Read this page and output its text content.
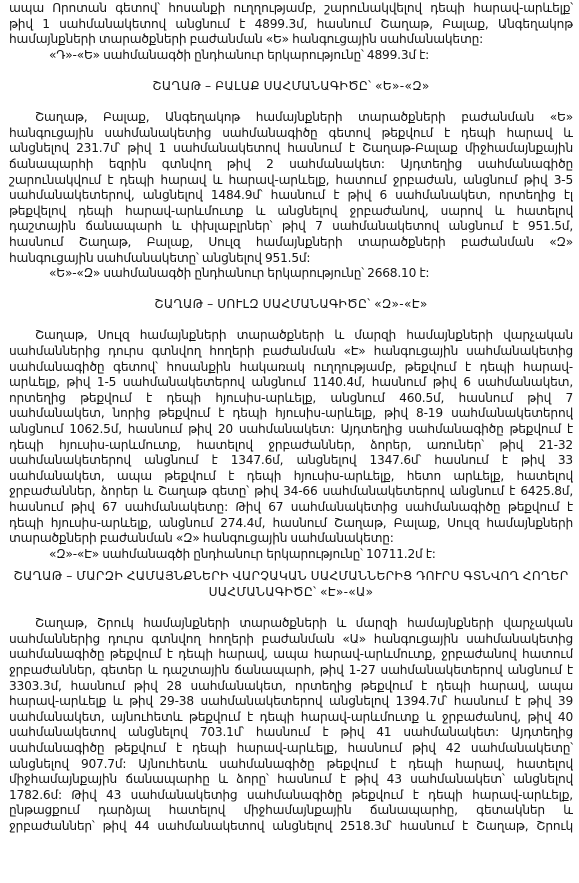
ապա Որոտան գետով՝ հոսանքի ուղղությամբ, շարունակվելով դեպի հարավ-արևելք՝
թիվ 1 սահմանակետով անցնում է 4899.3մ, հասնում Շաղաթ, Բալաք, Անգեղակոթ
համայնքների տարածքների բաժանման «Ե» հանգուցային սահմանակետը:
«Դ»-«Ե» սահմանագծի ընդհանուր երկարությունը՝ 4899.3մ է:
ՇԱՂԱԹ – ԲԱԼԱՔ ՍԱՀՄԱՆԱԳԻԾԸ՝ «Ե»-«Զ»
Շաղաթ, Բալաք, Անգեղակոթ համայնքների տարածքների բաժանման «Ե»
հանգուցային սահմանակետից սահմանագիծը գետով թեքվում է դեպի հարավ և
անցնելով 231.7մ՝ թիվ 1 սահմանակետով հասնում է Շաղաթ-Բալաք միջհամայնքային
ճանապարհի եզրին գտնվող թիվ 2 սահմանակետ: Այդտեղից սահմանագիծը
շարունակվում է դեպի հարավ և հարավ-արևելք, հատում ջրբաժան, անցնում թիվ 3-5
սահմանակետերով, անցնելով 1484.9մ՝ հասնում է թիվ 6 սահմանակետ, որտեղից էլ
թեքվելով դեպի հարավ-արևմուտք և անցնելով ջրբաժանով, սարով և հատելով
դաշտային ճանապարհ և փխլաբլրներ՝ թիվ 7 սահմանակետով անցնում է 951.5մ,
հասնում Շաղաթ, Բալաք, Սուլզ համայնքների տարածքների բաժանման «Զ»
հանգուցային սահմանակետը՝ անցնելով 951.5մ:
«Ե»-«Զ» սահմանագծի ընդհանուր երկարությունը՝ 2668.10 է:
ՇԱՂԱԹ – ՍՈՒԼԶ ՍԱՀՄԱՆԱԳԻԾԸ՝ «Զ»-«Է»
Շաղաթ, Սուլզ համայնքների տարածքների և մարզի համայնքների վարչական
սահմաններից դուրս գտնվող հողերի բաժանման «Է» հանգուցային սահմանակետից
սահմանագիծը գետով՝ հոսանքին հակառակ ուղղությամբ, թեքվում է դեպի հարավ-
արևելք, թիվ 1-5 սահմանակետերով անցնում 1140.4մ, հասնում թիվ 6 սահմանակետ,
որտեղից թեքվում է դեպի հյուսիս-արևելք, անցնում 460.5մ, հասնում թիվ 7
սահմանակետ, նորից թեքվում է դեպի հյուսիս-արևելք, թիվ 8-19 սահմանակետերով
անցնում 1062.5մ, հասնում թիվ 20 սահմանակետ: Այդտեղից սահմանագիծը թեքվում է
դեպի հյուսիս-արևմուտք, հատելով ջրբաժաններ, ձորեր, առուներ՝ թիվ 21-32
սահմանակետերով անցնում է 1347.6մ, անցնելով 1347.6մ՝ հասնում է թիվ 33
սահմանակետ, ապա թեքվում է դեպի հյուսիս-արևելք, հետո արևելք, հատելով
ջրբաժաններ, ձորեր և Շաղաթ գետը՝ թիվ 34-66 սահմանակետերով անցնում է 6425.8մ,
հասնում թիվ 67 սահմանակետը: Թիվ 67 սահմանակետից սահմանագիծը թեքվում է
դեպի հյուսիս-արևելք, անցնում 274.4մ, հասնում Շաղաթ, Բալաք, Սուլզ համայնքների
տարածքների բաժանման «Զ» հանգուցային սահմանակետը:
«Զ»-«Է» սահմանագծի ընդհանուր երկարությունը՝ 10711.2մ է:
ՇԱՂԱԹ – ՄԱՐԶԻ ՀԱՄԱՅՆՔՆԵՐԻ ՎԱՐՉԱԿԱՆ ՍԱՀՄԱՆՆԵՐԻՑ ԴՈՒՐՍ ԳՏՆՎՈՂ ՀՈՂԵՐ
ՍԱՀՄԱՆԱԳԻԾԸ՝ «Է»-«Ա»
Շաղաթ, Շրուկ համայնքների տարածքների և մարզի համայնքների վարչական
սահմաններից դուրս գտնվող հողերի բաժանման «Ա» հանգուցային սահմանակետից
սահմանագիծը թեքվում է դեպի հարավ, ապա հարավ-արևմուտք, ջրբաժանով հատում
ջրբաժաններ, գետեր և դաշտային ճանապարհ, թիվ 1-27 սահմանակետերով անցնում է
3303.3մ, հասնում թիվ 28 սահմանակետ, որտեղից թեքվում է դեպի հարավ, ապա
հարավ-արևելք և թիվ 29-38 սահմանակետերով անցնելով 1394.7մ՝ հասնում է թիվ 39
սահմանակետ, այնուհետև թեքվում է դեպի հարավ-արևմուտք և ջրբաժանով, թիվ 40
սահմանակետով անցնելով 703.1մ՝ հասնում է թիվ 41 սահմանակետ: Այդտեղից
սահմանագիծը թեքվում է դեպի հարավ-արևելք, հասնում թիվ 42 սահմանակետը՝
անցնելով 907.7մ: Այնուհետև սահմանագիծը թեքվում է դեպի հարավ, հատելով
միջհամայնքային ճանապարհը և ձորը՝ հասնում է թիվ 43 սահմանակետ՝ անցնելով
1782.6մ: Թիվ 43 սահմանակետից սահմանագիծը թեքվում է դեպի հարավ-արևելք,
ընթացքում դարձյալ հատելով միջհամայնքային ճանապարհը, գետակներ և
ջրբաժաններ՝ թիվ 44 սահմանակետով անցնելով 2518.3մ՝ հասնում է Շաղաթ, Շրուկ
